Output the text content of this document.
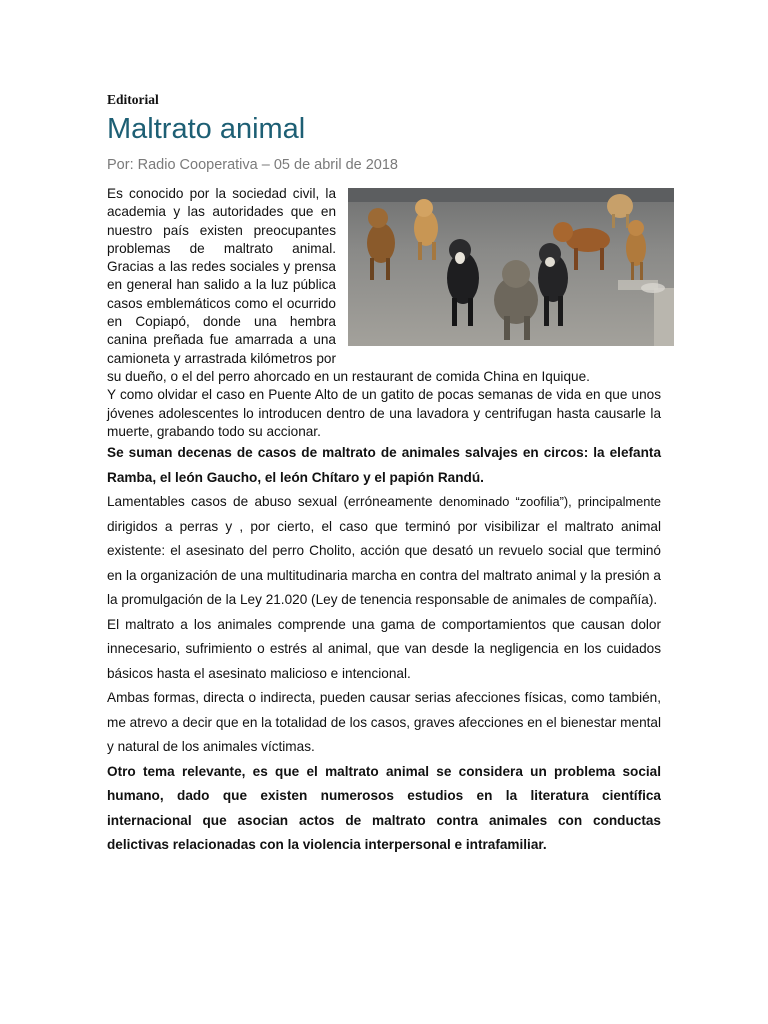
Editorial

Maltrato animal

Por: Radio Cooperativa – 05 de abril de 2018

Es conocido por la sociedad civil, la academia y las autoridades que en nuestro país existen preocupantes problemas de maltrato animal. Gracias a las redes sociales y prensa en general han salido a la luz pública casos emblemáticos como el ocurrido en Copiapó, donde una hembra canina preñada fue amarrada a una camioneta y arrastrada kilómetros por su dueño, o el del perro ahorcado en un restaurant de comida China en Iquique.

Y como olvidar el caso en Puente Alto de un gatito de pocas semanas de vida en que unos jóvenes adolescentes lo introducen dentro de una lavadora y centrifugan hasta causarle la muerte, grabando todo su accionar.

Se suman decenas de casos de maltrato de animales salvajes en circos: la elefanta Ramba, el león Gaucho, el león Chítaro y el papión Randú.

Lamentables casos de abuso sexual (erróneamente denominado “zoofilia”), principalmente dirigidos a perras y , por cierto, el caso que terminó por visibilizar el maltrato animal existente: el asesinato del perro Cholito, acción que desató un revuelo social que terminó en la organización de una multitudinaria marcha en contra del maltrato animal y la presión a la promulgación de la Ley 21.020 (Ley de tenencia responsable de animales de compañía).

El maltrato a los animales comprende una gama de comportamientos que causan dolor innecesario, sufrimiento o estrés al animal, que van desde la negligencia en los cuidados básicos hasta el asesinato malicioso e intencional.

Ambas formas, directa o indirecta, pueden causar serias afecciones físicas, como también, me atrevo a decir que en la totalidad de los casos, graves afecciones en el bienestar mental y natural de los animales víctimas.

Otro tema relevante, es que el maltrato animal se considera un problema social humano, dado que existen numerosos estudios en la literatura científica internacional que asocian actos de maltrato contra animales con conductas delictivas relacionadas con la violencia interpersonal e intrafamiliar.
